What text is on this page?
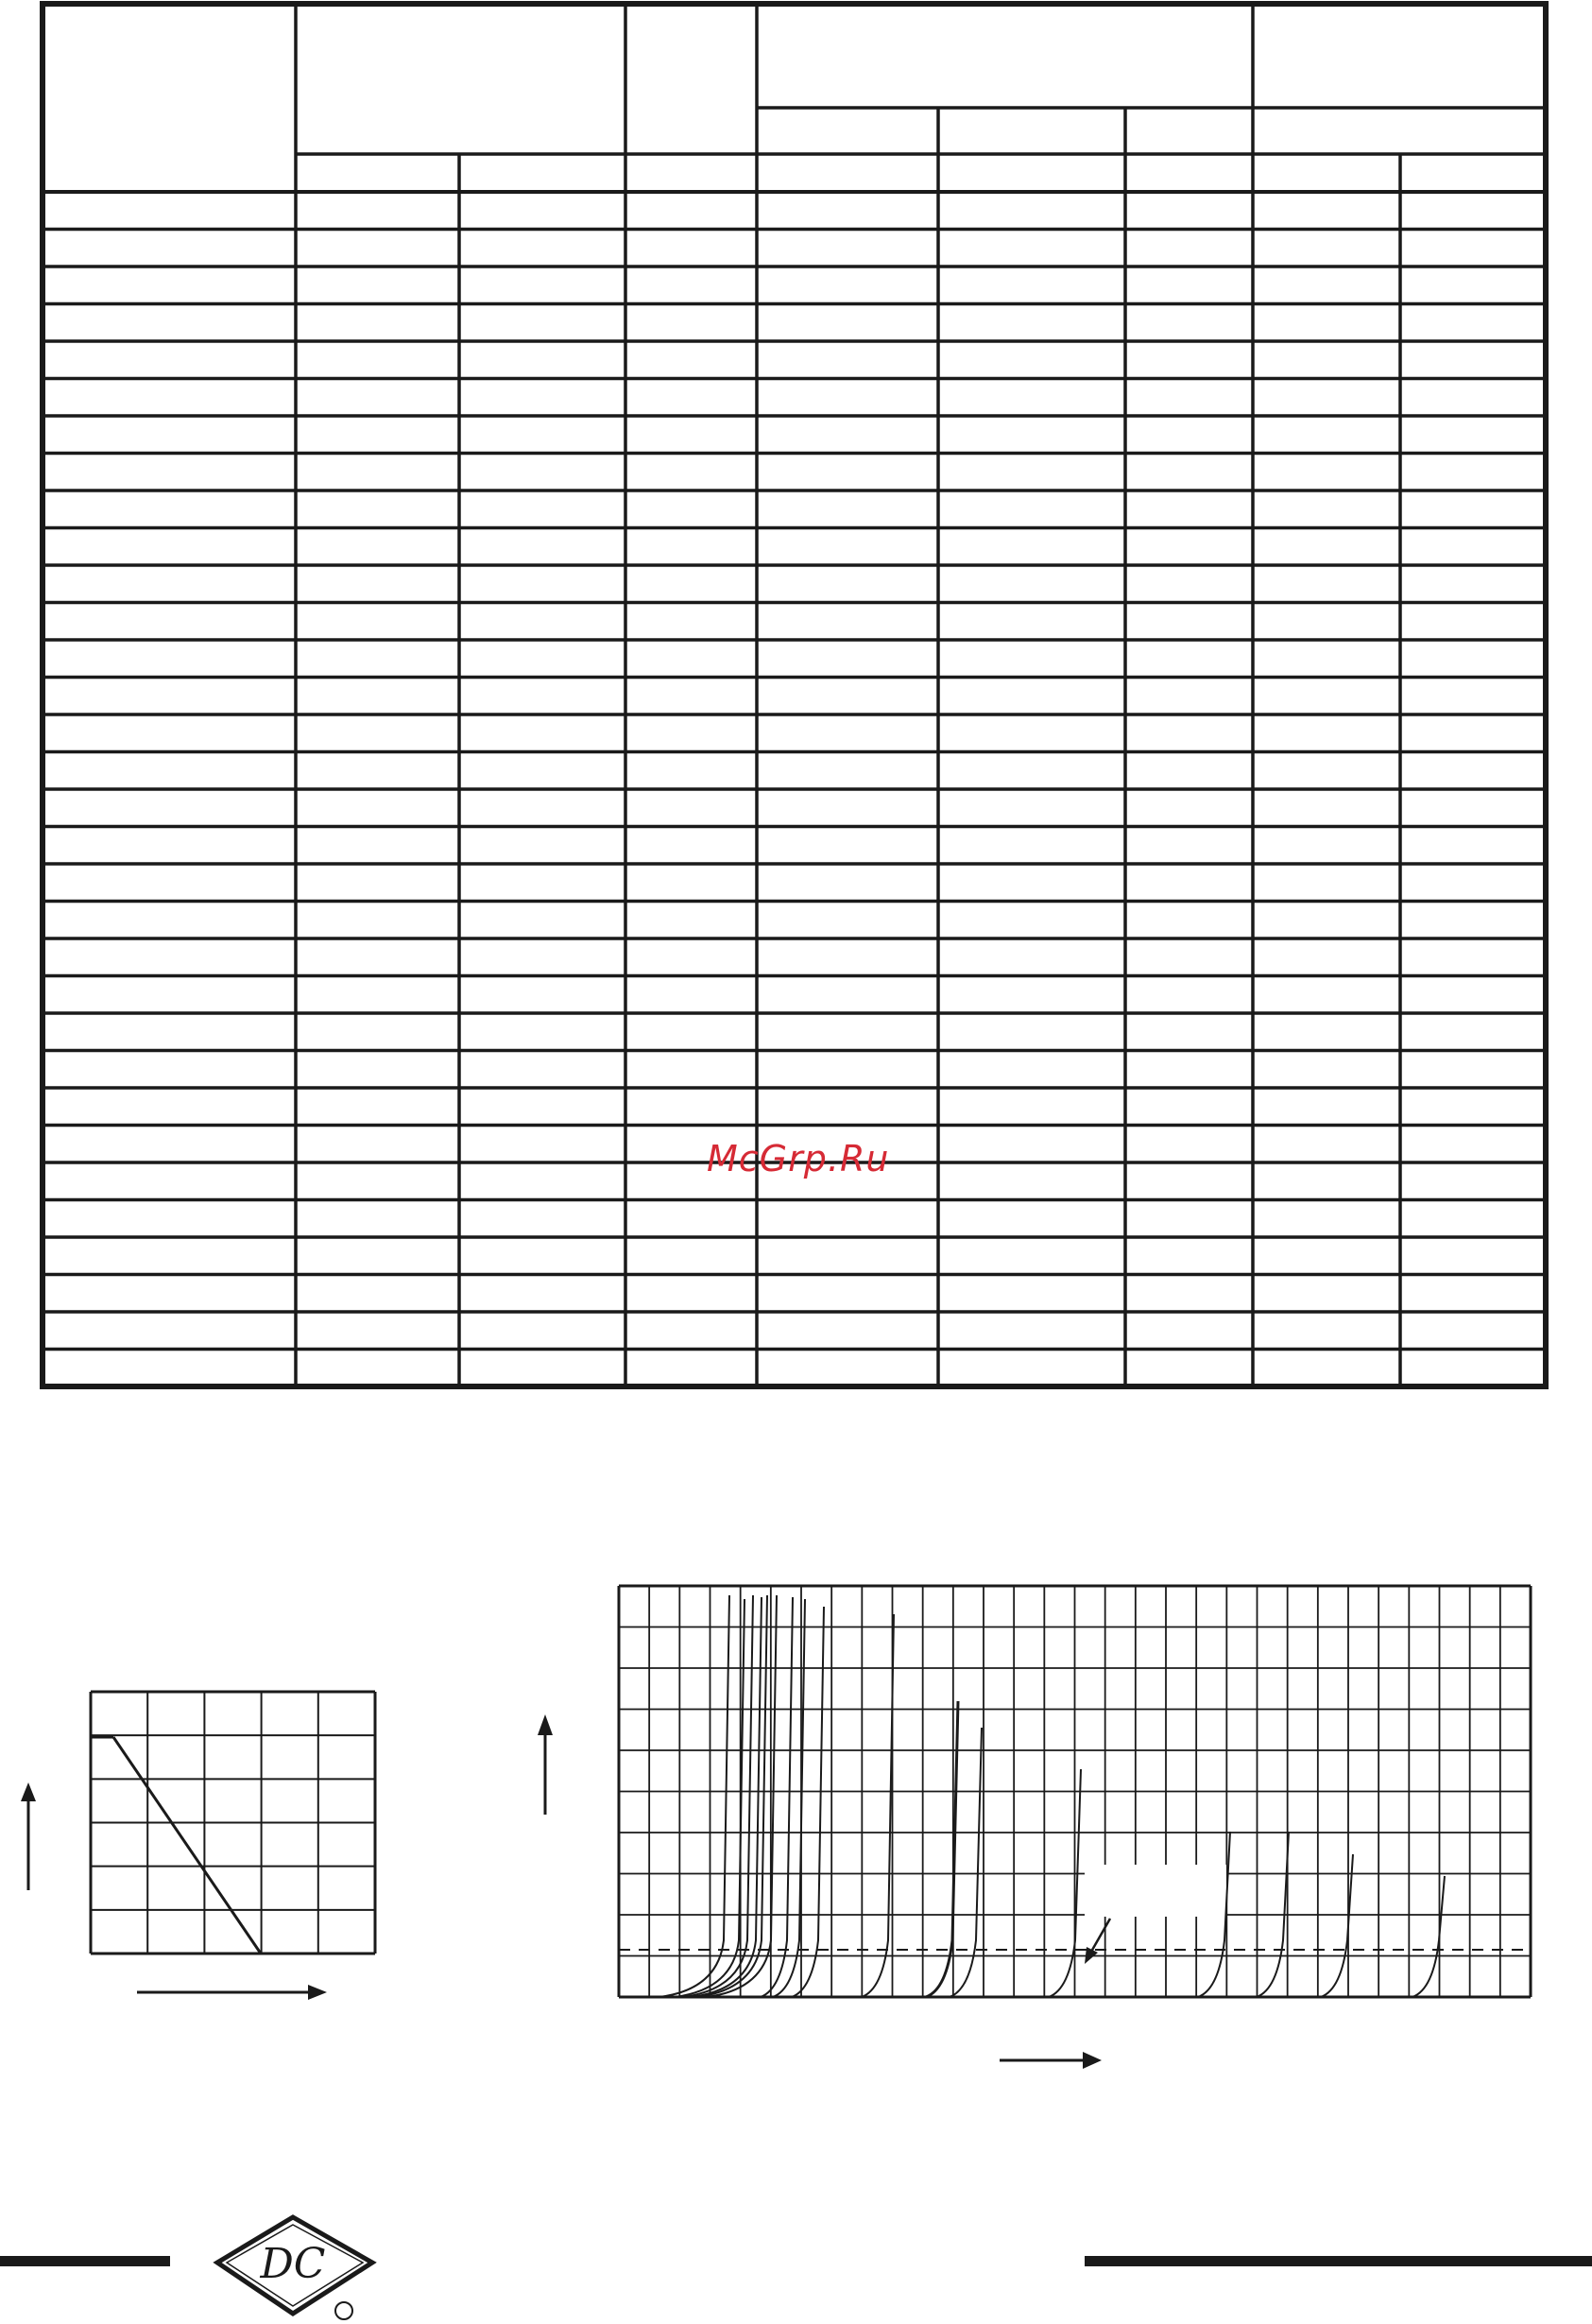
McGrp.Ru
DC
